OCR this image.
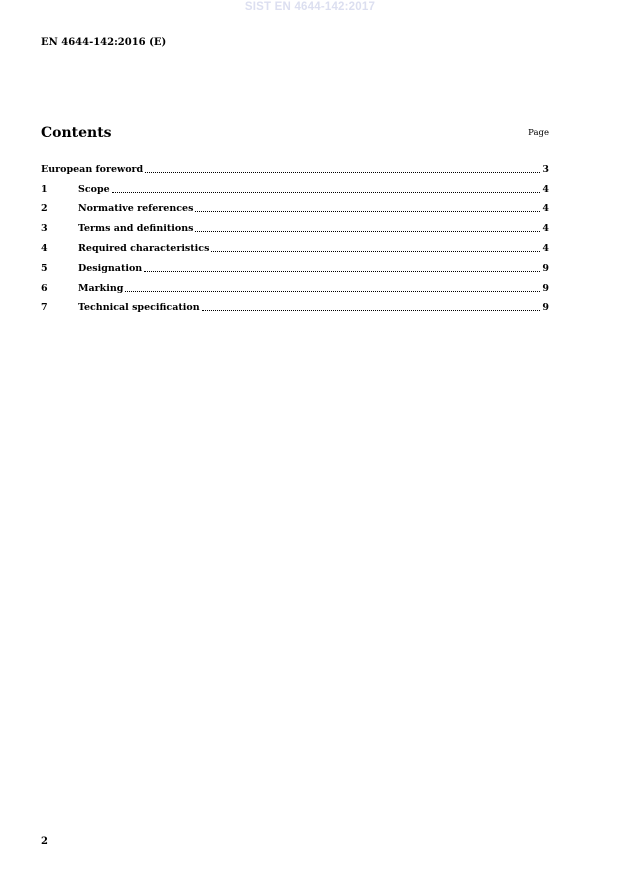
SIST EN 4644-142:2017
EN 4644-142:2016 (E)
Contents	Page
European foreword	3
1	Scope	4
2	Normative references	4
3	Terms and definitions	4
4	Required characteristics	4
5	Designation	9
6	Marking	9
7	Technical specification	9
2
